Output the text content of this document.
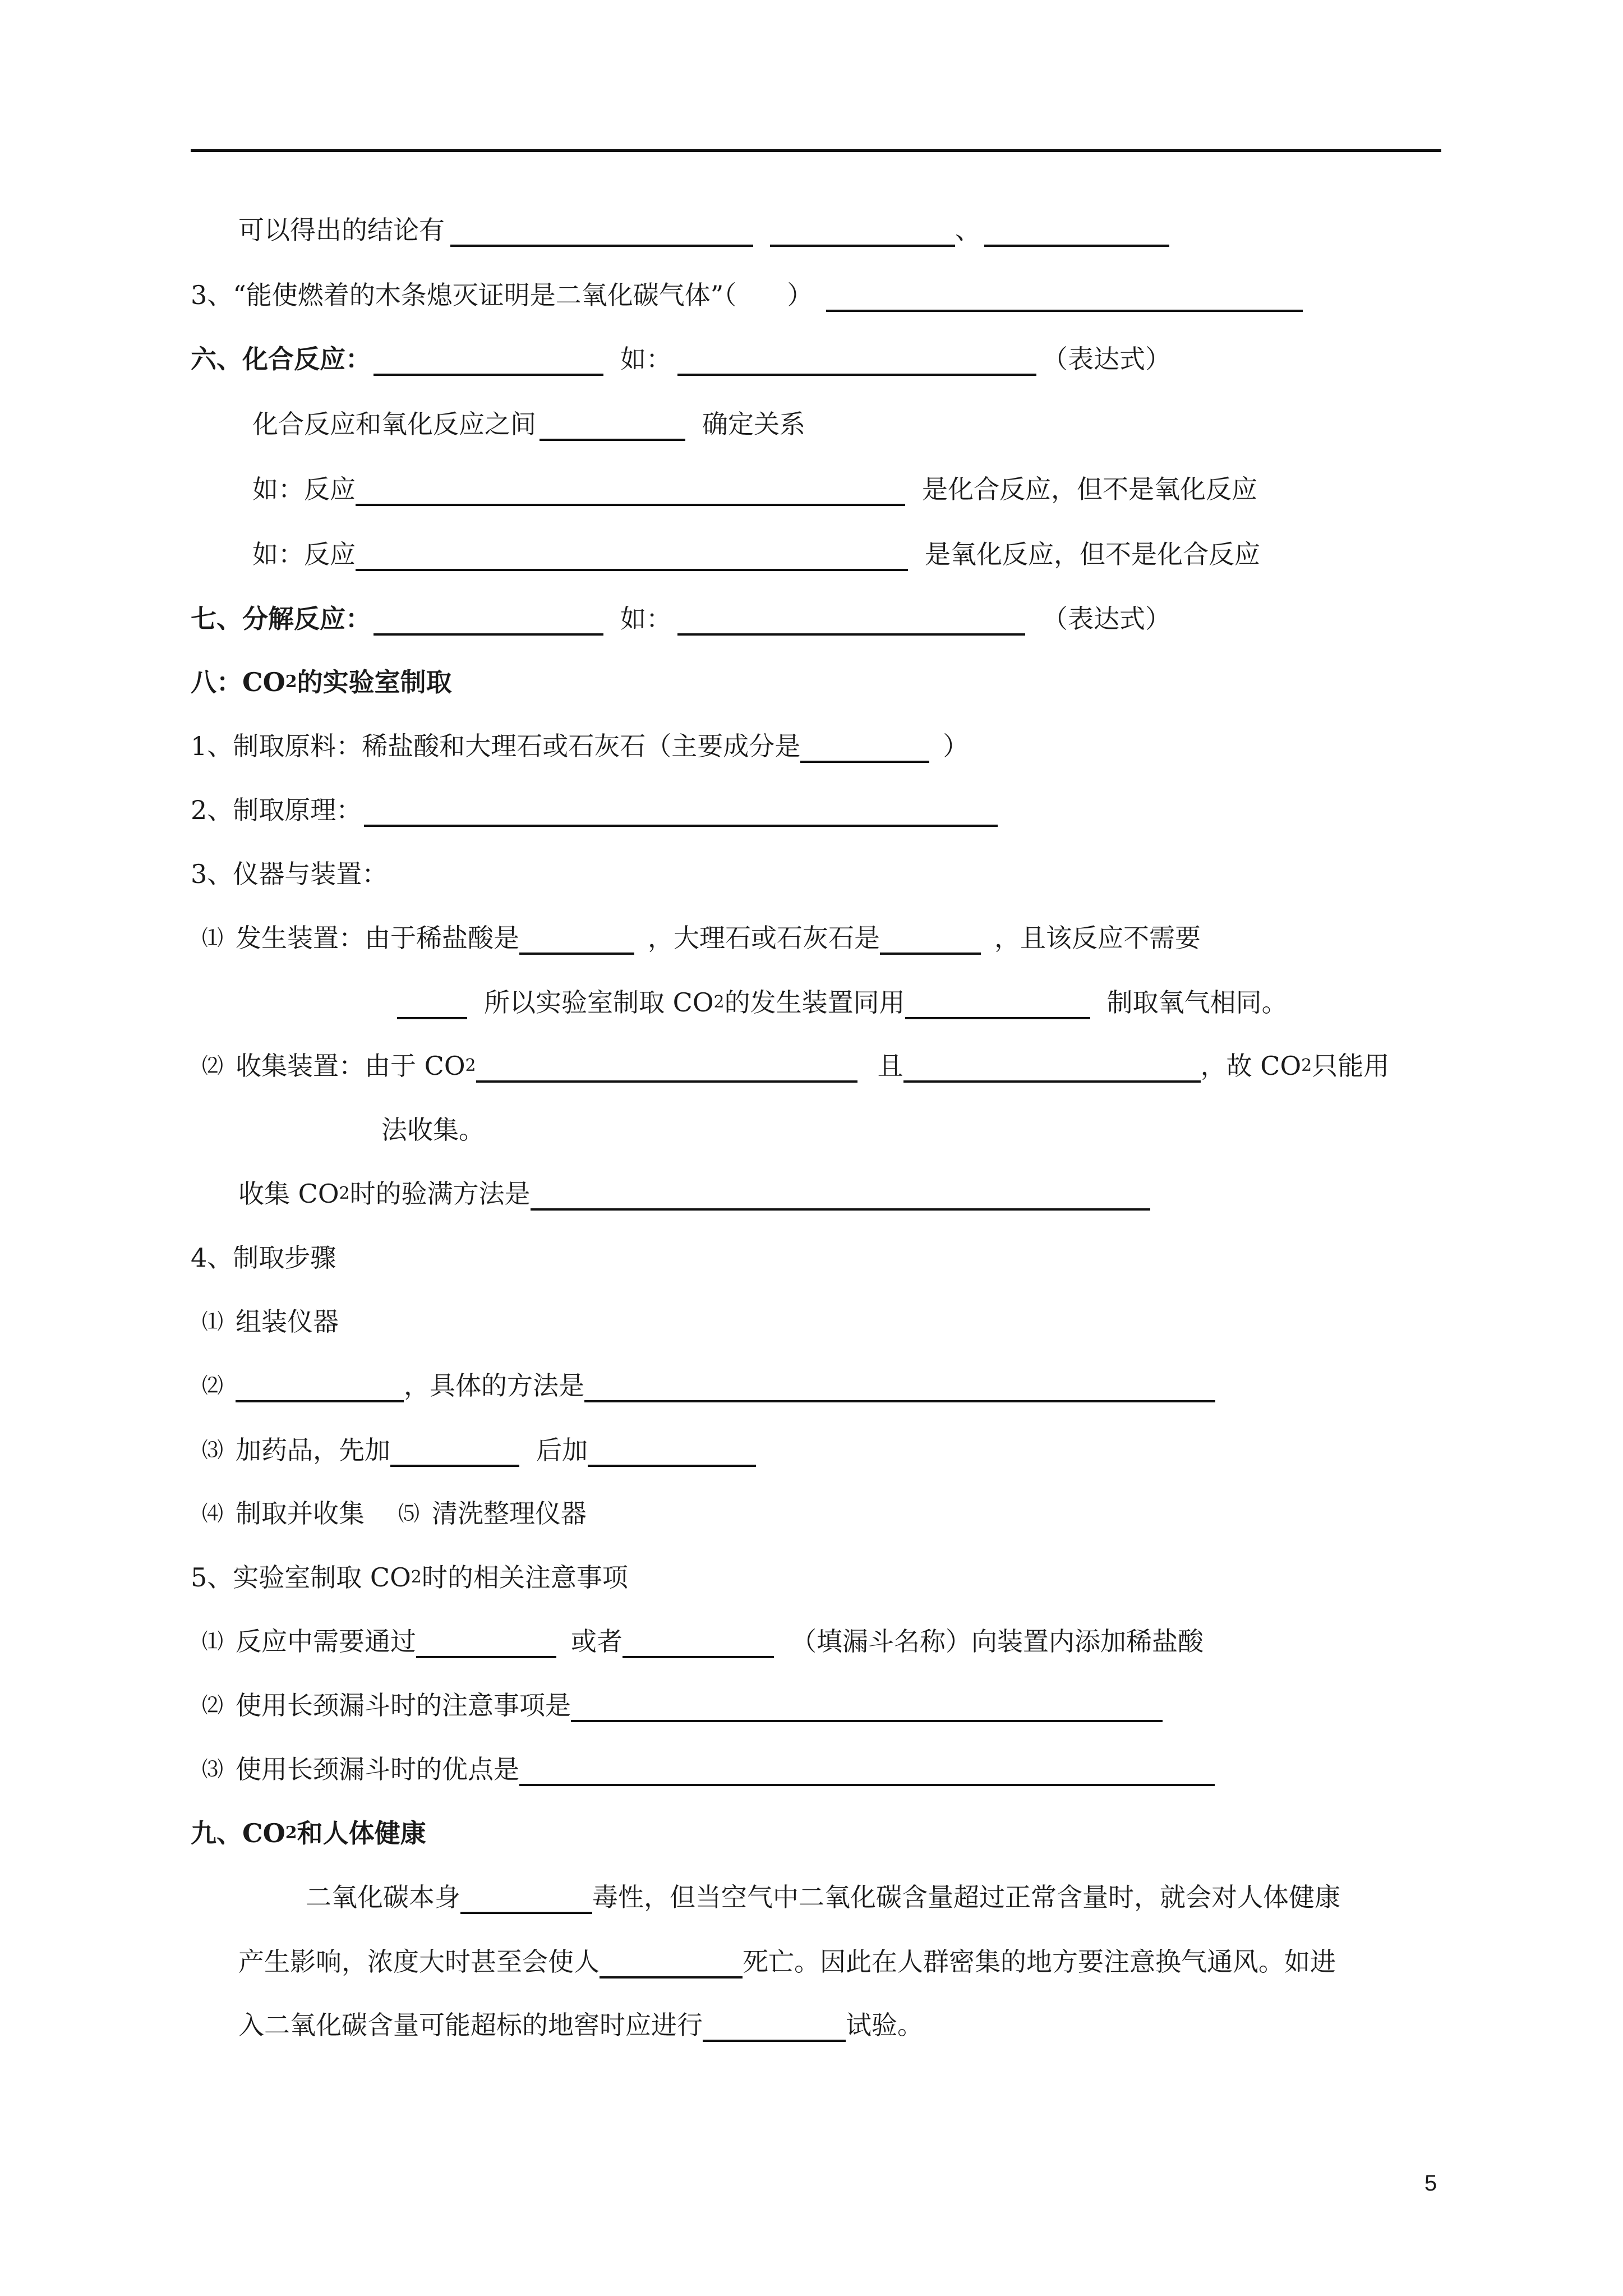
可以得出的结论有	、
3、“能使燃着的木条熄灭证明是二氧化碳气体”（ ）
六、化合反应：	如：	（表达式）
化合反应和氧化反应之间	确定关系
如：反应	是化合反应，但不是氧化反应
如：反应	是氧化反应，但不是化合反应
七、分解反应：	如：	（表达式）
八：CO 2 的实验室制取
1、制取原料：稀盐酸和大理石或石灰石（主要成分是	）
2、制取原理：
3、仪器与装置：
⑴ 发生装置：由于稀盐酸是	，大理石或石灰石是	，且该反应不需要
所以实验室制取 CO 2 的发生装置同用	制取氧气相同。
⑵ 收集装置：由于 CO 2	且	，故 CO 2 只能用
法收集。
收集 CO 2 时的验满方法是
4、制取步骤
⑴ 组装仪器
⑵	，具体的方法是
⑶ 加药品，先加	后加
⑷ 制取并收集 ⑸ 清洗整理仪器
5、实验室制取 CO 2 时的相关注意事项
⑴ 反应中需要通过	或者	（填漏斗名称）向装置内添加稀盐酸
⑵ 使用长颈漏斗时的注意事项是
⑶ 使用长颈漏斗时的优点是
九、CO 2 和人体健康
二氧化碳本身	毒性，但当空气中二氧化碳含量超过正常含量时，就会对人体健康
产生影响，浓度大时甚至会使人	死亡。因此在人群密集的地方要注意换气通风。如进
入二氧化碳含量可能超标的地窖时应进行	试验。
5
